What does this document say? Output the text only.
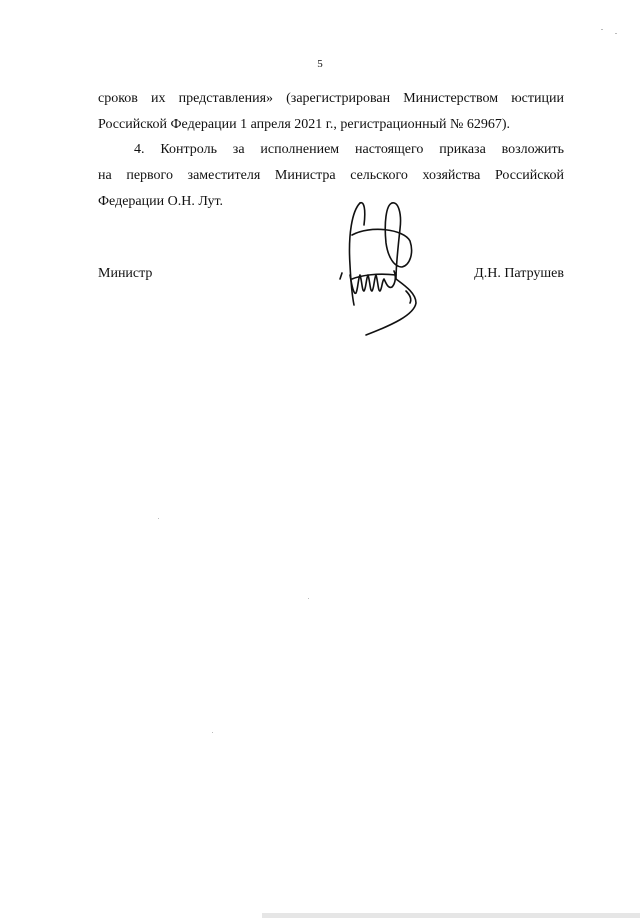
5
сроков их представления» (зарегистрирован Министерством юстиции
Российской Федерации 1 апреля 2021 г., регистрационный № 62967).
4. Контроль за исполнением настоящего приказа возложить
на первого заместителя Министра сельского хозяйства Российской
Федерации О.Н. Лут.
Министр	Д.Н. Патрушев
